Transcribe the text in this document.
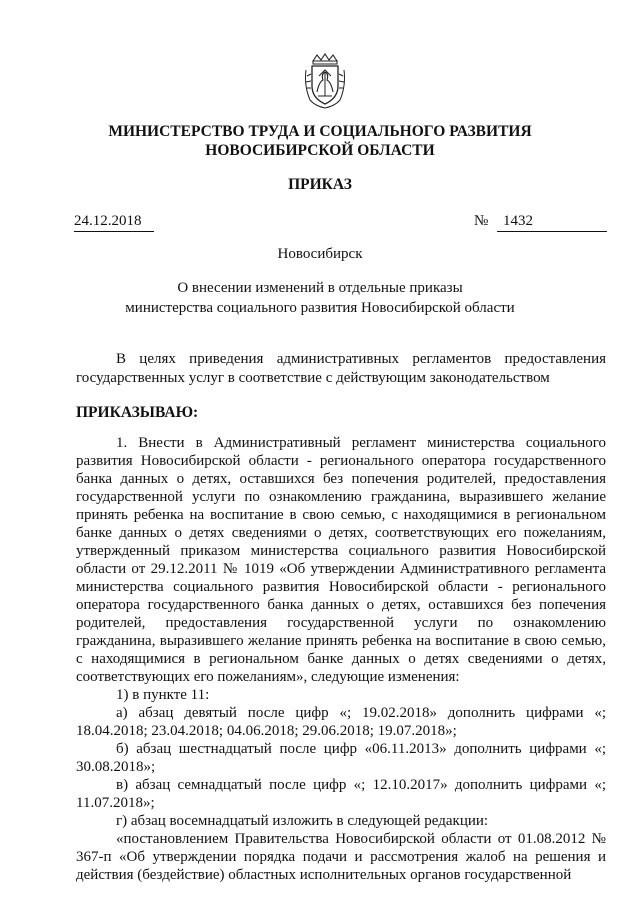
МИНИСТЕРСТВО ТРУДА И СОЦИАЛЬНОГО РАЗВИТИЯ
НОВОСИБИРСКОЙ ОБЛАСТИ
ПРИКАЗ
24.12.2018	№ 1432
Новосибирск
О внесении изменений в отдельные приказы
министерства социального развития Новосибирской области
В целях приведения административных регламентов предоставления государственных услуг в соответствие с действующим законодательством
ПРИКАЗЫВАЮ:

1. Внести в Административный регламент министерства социального развития Новосибирской области - регионального оператора государственного банка данных о детях, оставшихся без попечения родителей, предоставления государственной услуги по ознакомлению гражданина, выразившего желание принять ребенка на воспитание в свою семью, с находящимися в региональном банке данных о детях сведениями о детях, соответствующих его пожеланиям, утвержденный приказом министерства социального развития Новосибирской области от 29.12.2011 № 1019 «Об утверждении Административного регламента министерства социального развития Новосибирской области - регионального оператора государственного банка данных о детях, оставшихся без попечения родителей, предоставления государственной услуги по ознакомлению гражданина, выразившего желание принять ребенка на воспитание в свою семью, с находящимися в региональном банке данных о детях сведениями о детях, соответствующих его пожеланиям», следующие изменения:

1) в пункте 11:

а) абзац девятый после цифр «; 19.02.2018» дополнить цифрами «; 18.04.2018; 23.04.2018; 04.06.2018; 29.06.2018; 19.07.2018»;

б) абзац шестнадцатый после цифр «06.11.2013» дополнить цифрами «; 30.08.2018»;

в) абзац семнадцатый после цифр «; 12.10.2017» дополнить цифрами «; 11.07.2018»;

г) абзац восемнадцатый изложить в следующей редакции:

«постановлением Правительства Новосибирской области от 01.08.2012 № 367-п «Об утверждении порядка подачи и рассмотрения жалоб на решения и действия (бездействие) областных исполнительных органов государственной
